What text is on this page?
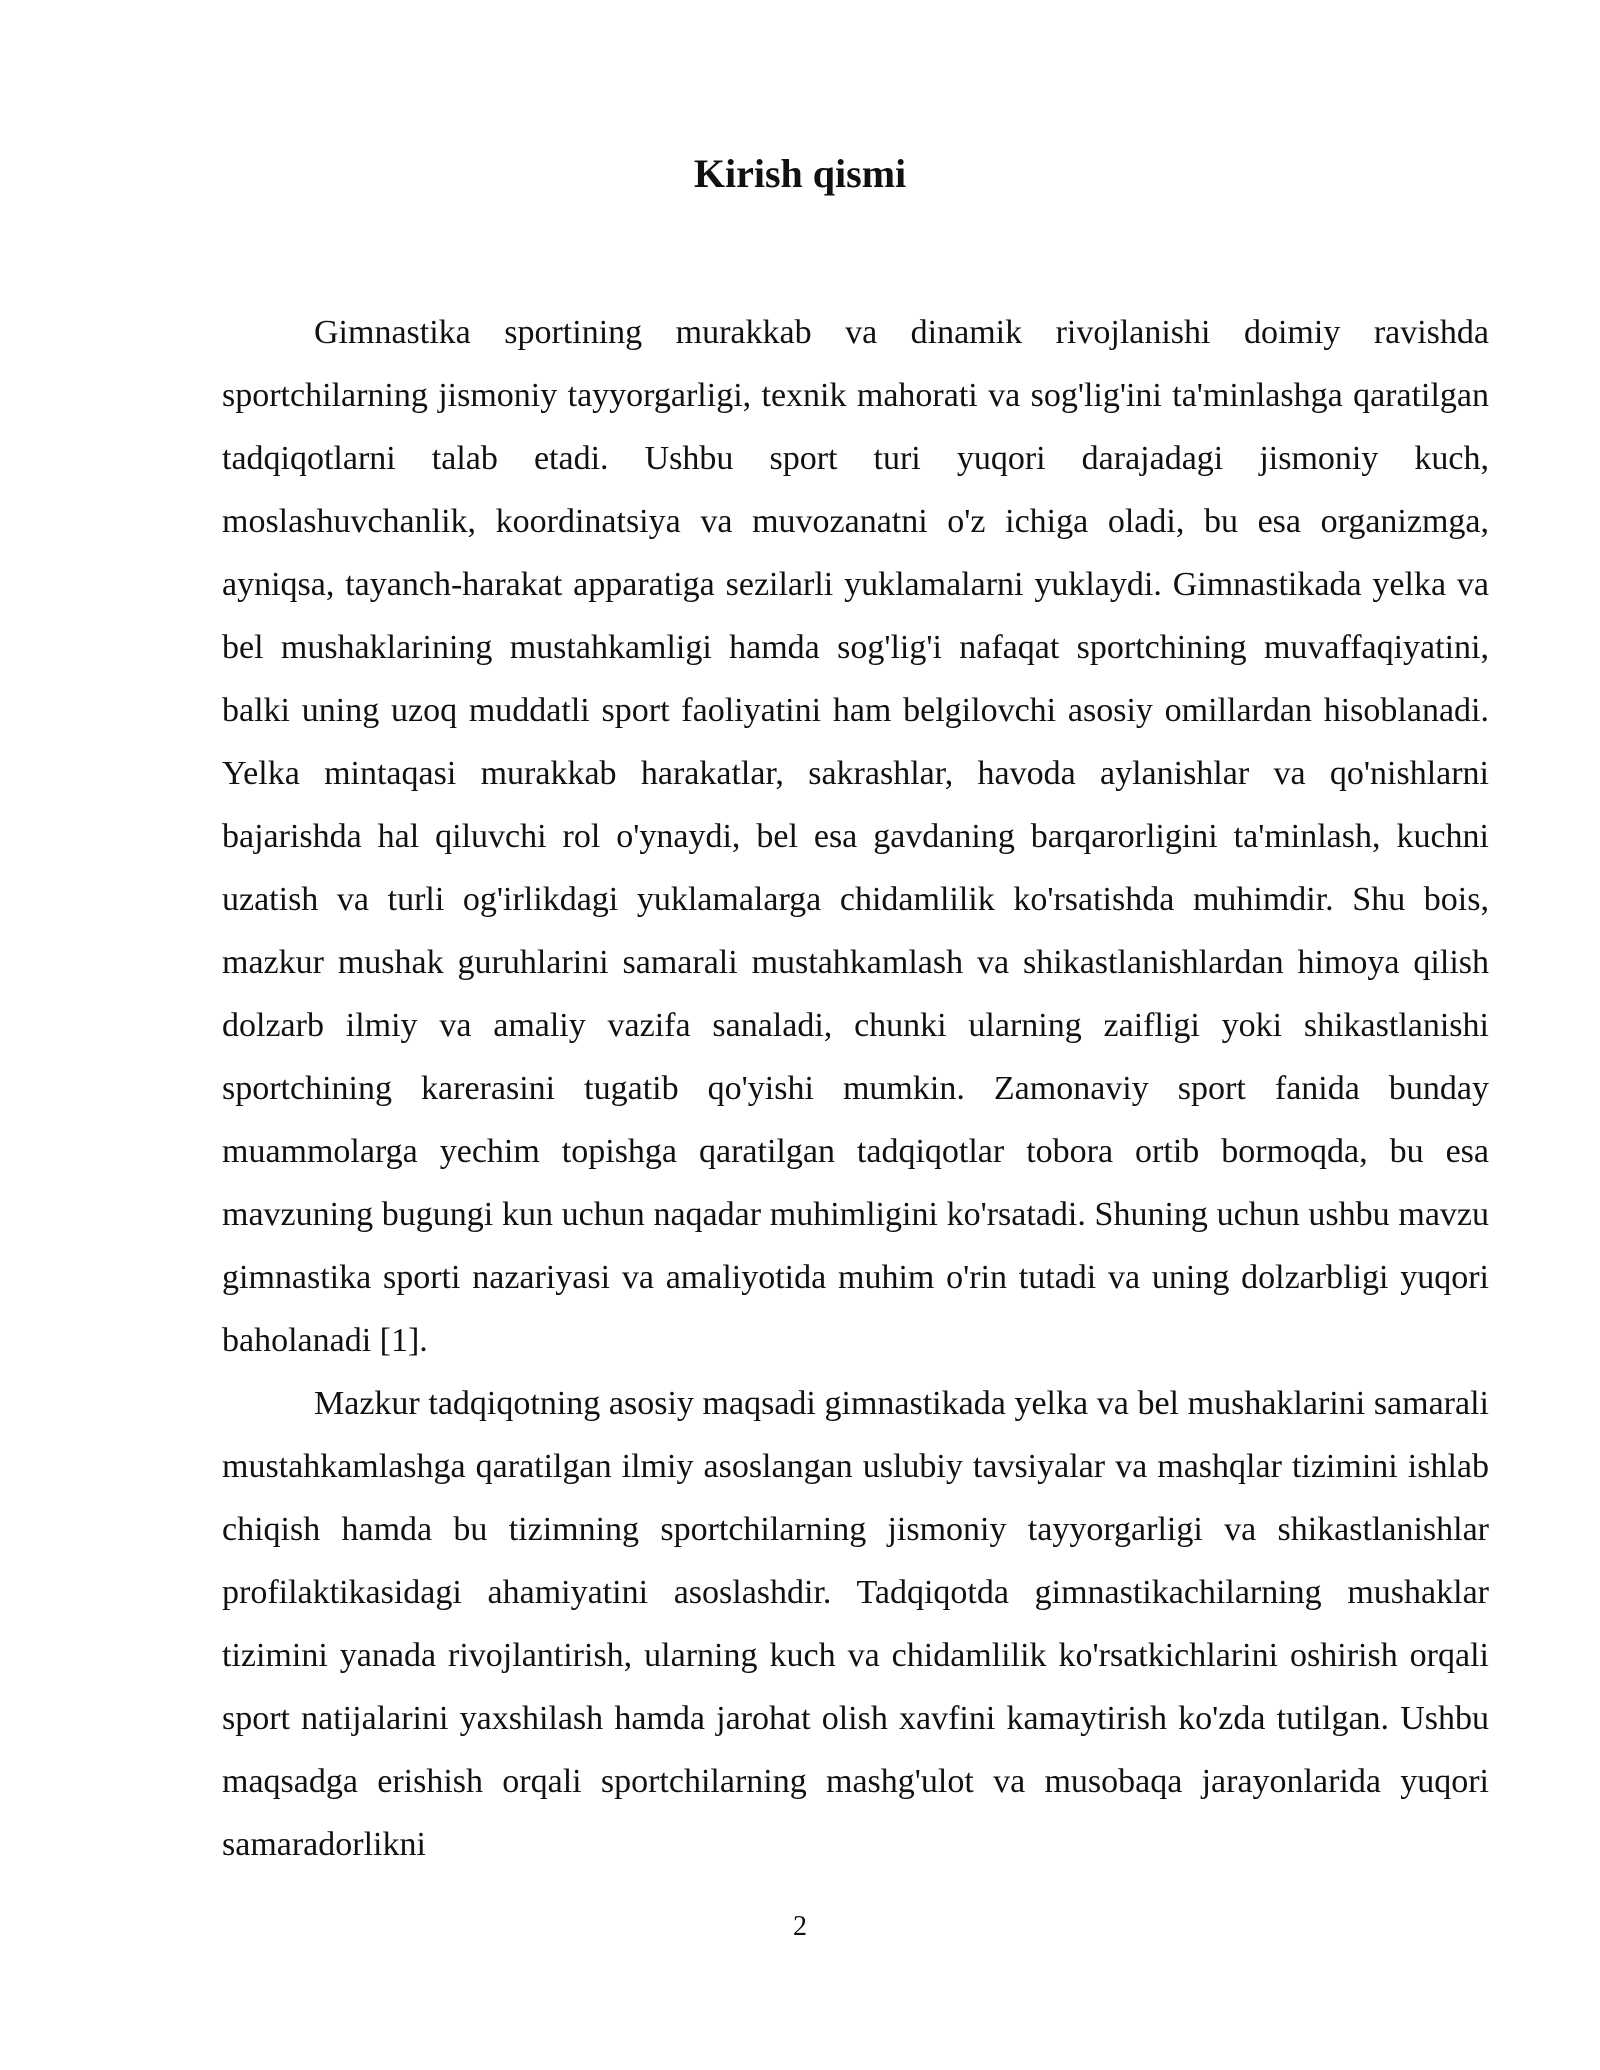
Kirish qismi

Gimnastika sportining murakkab va dinamik rivojlanishi doimiy ravishda sportchilarning jismoniy tayyorgarligi, texnik mahorati va sog'lig'ini ta'minlashga qaratilgan tadqiqotlarni talab etadi. Ushbu sport turi yuqori darajadagi jismoniy kuch, moslashuvchanlik, koordinatsiya va muvozanatni o'z ichiga oladi, bu esa organizmga, ayniqsa, tayanch-harakat apparatiga sezilarli yuklamalarni yuklaydi. Gimnastikada yelka va bel mushaklarining mustahkamligi hamda sog'lig'i nafaqat sportchining muvaffaqiyatini, balki uning uzoq muddatli sport faoliyatini ham belgilovchi asosiy omillardan hisoblanadi. Yelka mintaqasi murakkab harakatlar, sakrashlar, havoda aylanishlar va qo'nishlarni bajarishda hal qiluvchi rol o'ynaydi, bel esa gavdaning barqarorligini ta'minlash, kuchni uzatish va turli og'irlikdagi yuklamalarga chidamlilik ko'rsatishda muhimdir. Shu bois, mazkur mushak guruhlarini samarali mustahkamlash va shikastlanishlardan himoya qilish dolzarb ilmiy va amaliy vazifa sanaladi, chunki ularning zaifligi yoki shikastlanishi sportchining karerasini tugatib qo'yishi mumkin. Zamonaviy sport fanida bunday muammolarga yechim topishga qaratilgan tadqiqotlar tobora ortib bormoqda, bu esa mavzuning bugungi kun uchun naqadar muhimligini ko'rsatadi. Shuning uchun ushbu mavzu gimnastika sporti nazariyasi va amaliyotida muhim o'rin tutadi va uning dolzarbligi yuqori baholanadi [1].

Mazkur tadqiqotning asosiy maqsadi gimnastikada yelka va bel mushaklarini samarali mustahkamlashga qaratilgan ilmiy asoslangan uslubiy tavsiyalar va mashqlar tizimini ishlab chiqish hamda bu tizimning sportchilarning jismoniy tayyorgarligi va shikastlanishlar profilaktikasidagi ahamiyatini asoslashdir. Tadqiqotda gimnastikachilarning mushaklar tizimini yanada rivojlantirish, ularning kuch va chidamlilik ko'rsatkichlarini oshirish orqali sport natijalarini yaxshilash hamda jarohat olish xavfini kamaytirish ko'zda tutilgan. Ushbu maqsadga erishish orqali sportchilarning mashg'ulot va musobaqa jarayonlarida yuqori samaradorlikni

2
